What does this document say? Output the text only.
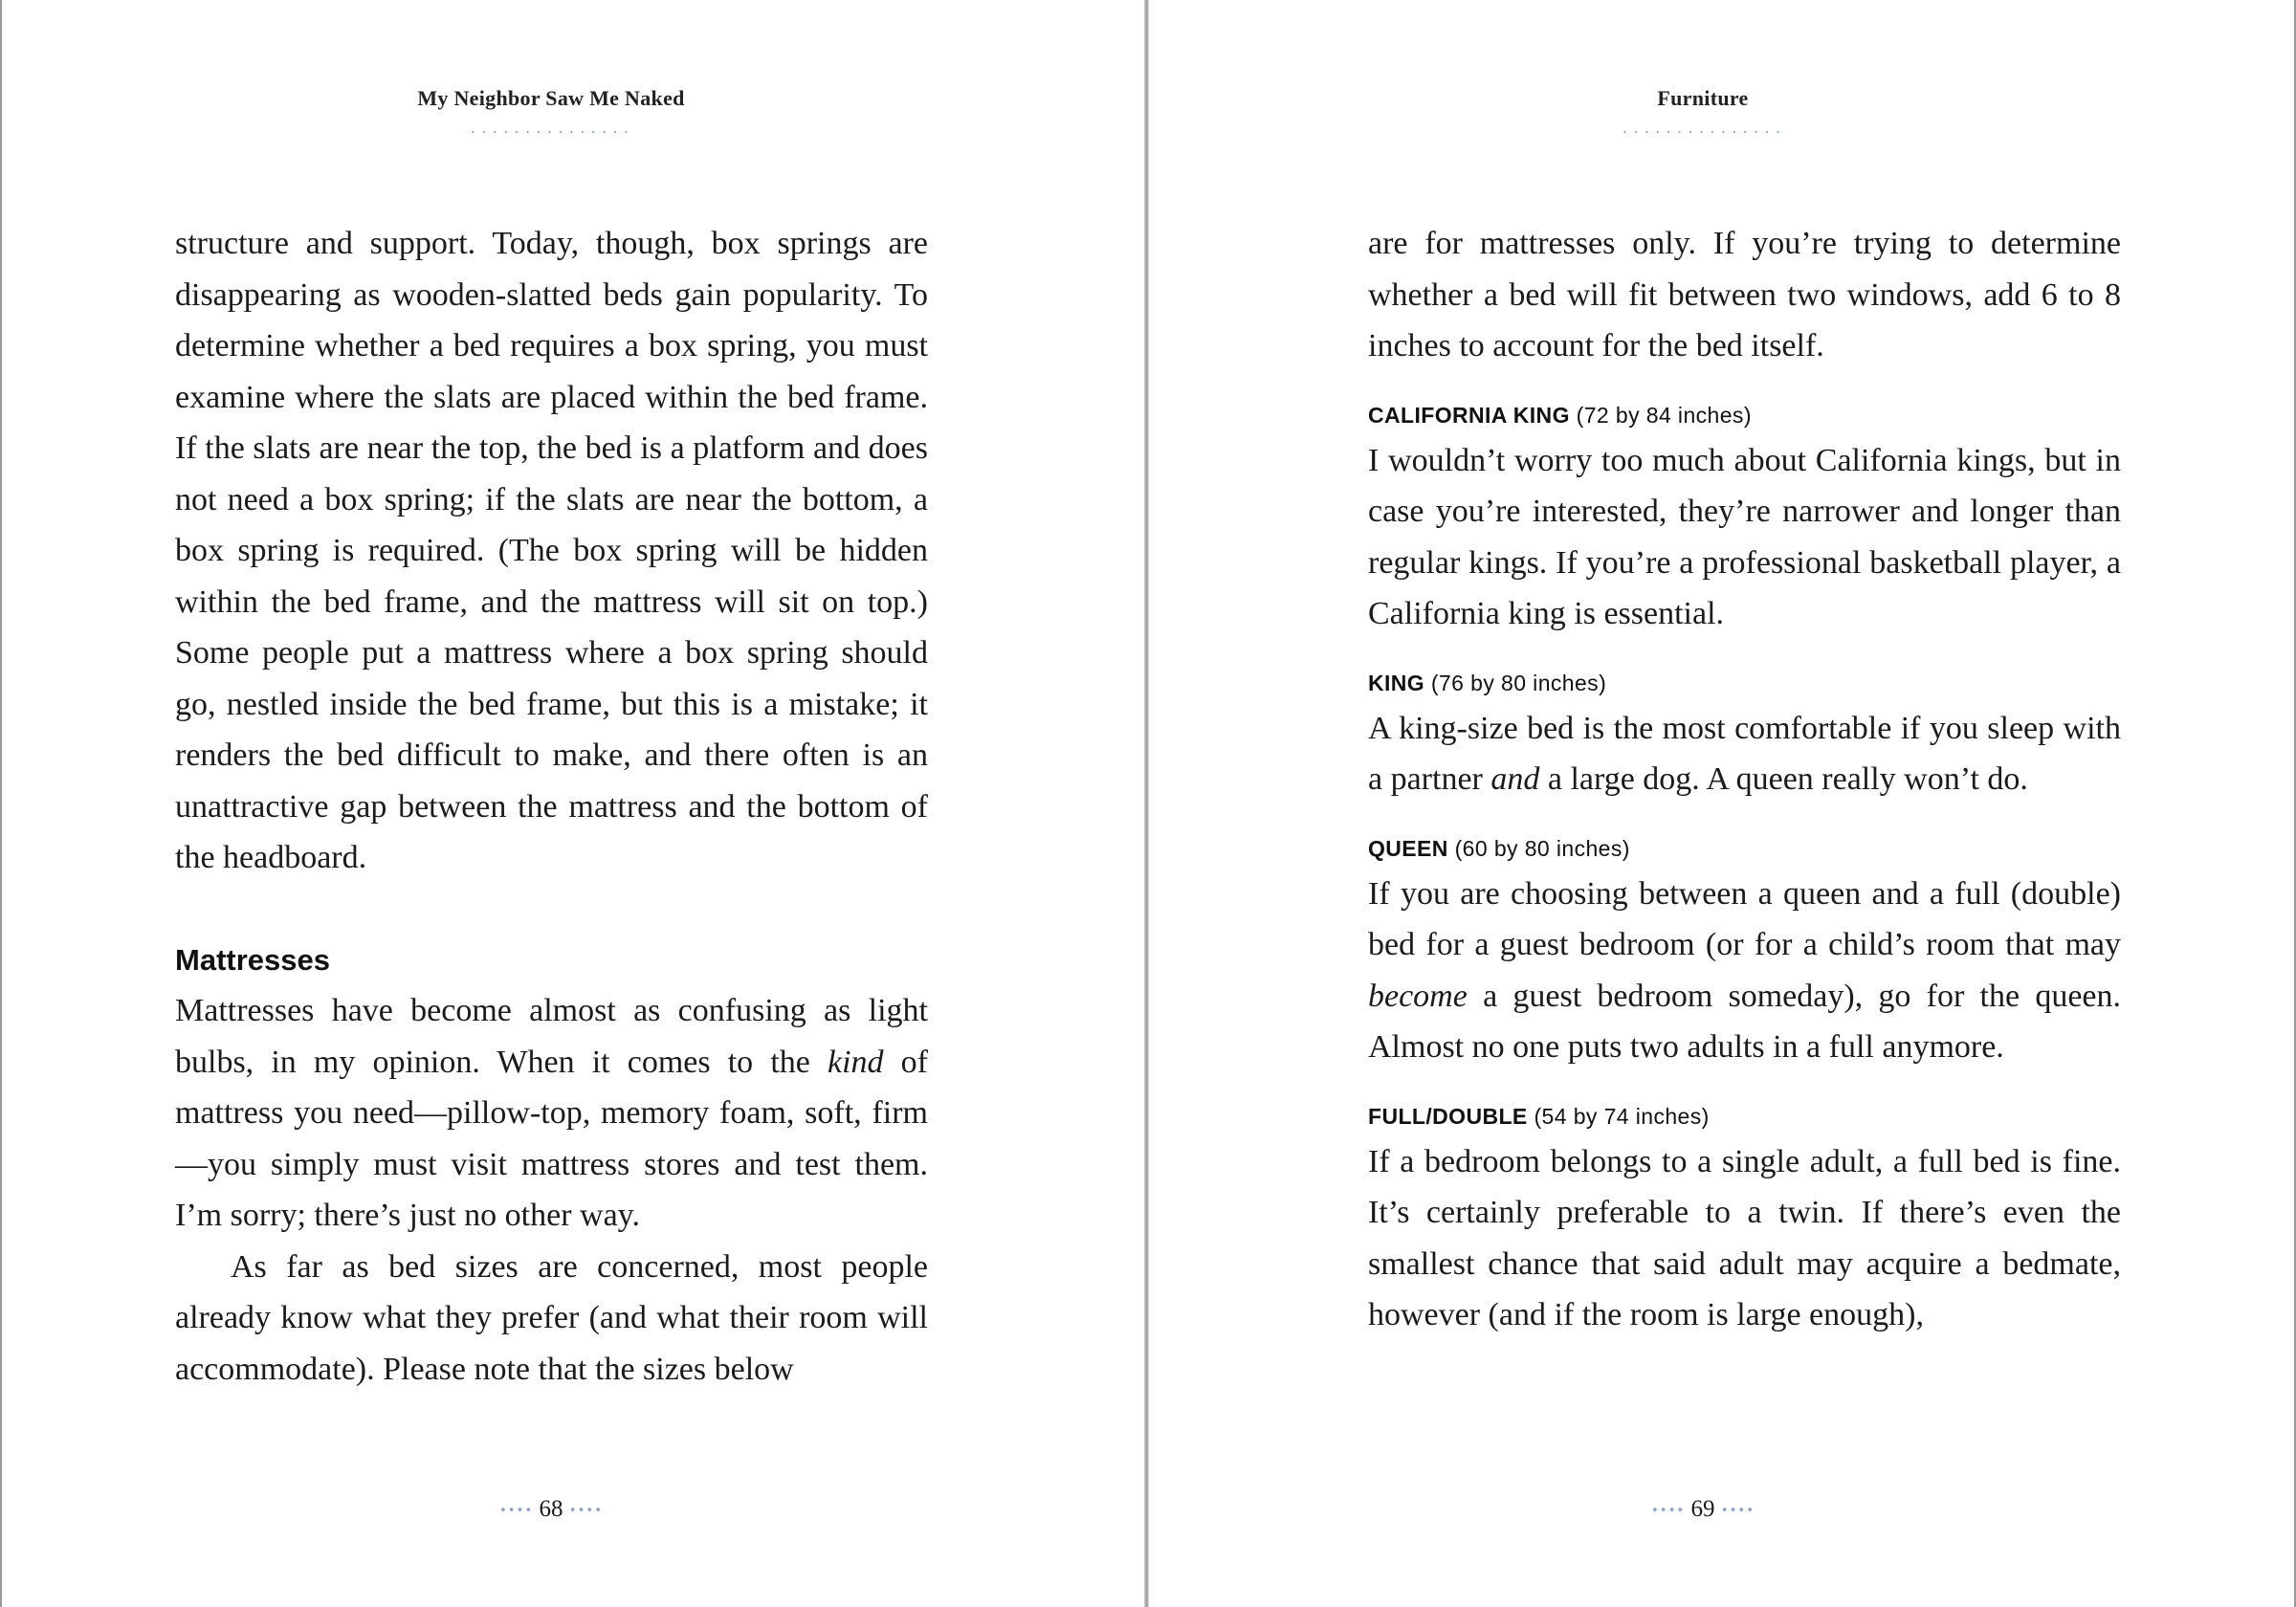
My Neighbor Saw Me Naked
...............

structure and support. Today, though, box springs are disappearing as wooden-slatted beds gain popularity. To determine whether a bed requires a box spring, you must examine where the slats are placed within the bed frame. If the slats are near the top, the bed is a platform and does not need a box spring; if the slats are near the bottom, a box spring is required. (The box spring will be hidden within the bed frame, and the mattress will sit on top.) Some people put a mattress where a box spring should go, nestled inside the bed frame, but this is a mistake; it renders the bed difficult to make, and there often is an unattractive gap between the mattress and the bottom of the headboard.

Mattresses

Mattresses have become almost as confusing as light bulbs, in my opinion. When it comes to the kind of mattress you need—pillow-top, memory foam, soft, firm—you simply must visit mattress stores and test them. I’m sorry; there’s just no other way.

As far as bed sizes are concerned, most people already know what they prefer (and what their room will accommodate). Please note that the sizes below

•••• 68 ••••
Furniture
...............

are for mattresses only. If you’re trying to determine whether a bed will fit between two windows, add 6 to 8 inches to account for the bed itself.

CALIFORNIA KING (72 by 84 inches)

I wouldn’t worry too much about California kings, but in case you’re interested, they’re narrower and longer than regular kings. If you’re a professional basketball player, a California king is essential.

KING (76 by 80 inches)

A king-size bed is the most comfortable if you sleep with a partner and a large dog. A queen really won’t do.

QUEEN (60 by 80 inches)

If you are choosing between a queen and a full (double) bed for a guest bedroom (or for a child’s room that may become a guest bedroom someday), go for the queen. Almost no one puts two adults in a full anymore.

FULL/DOUBLE (54 by 74 inches)

If a bedroom belongs to a single adult, a full bed is fine. It’s certainly preferable to a twin. If there’s even the smallest chance that said adult may acquire a bedmate, however (and if the room is large enough),

•••• 69 ••••
